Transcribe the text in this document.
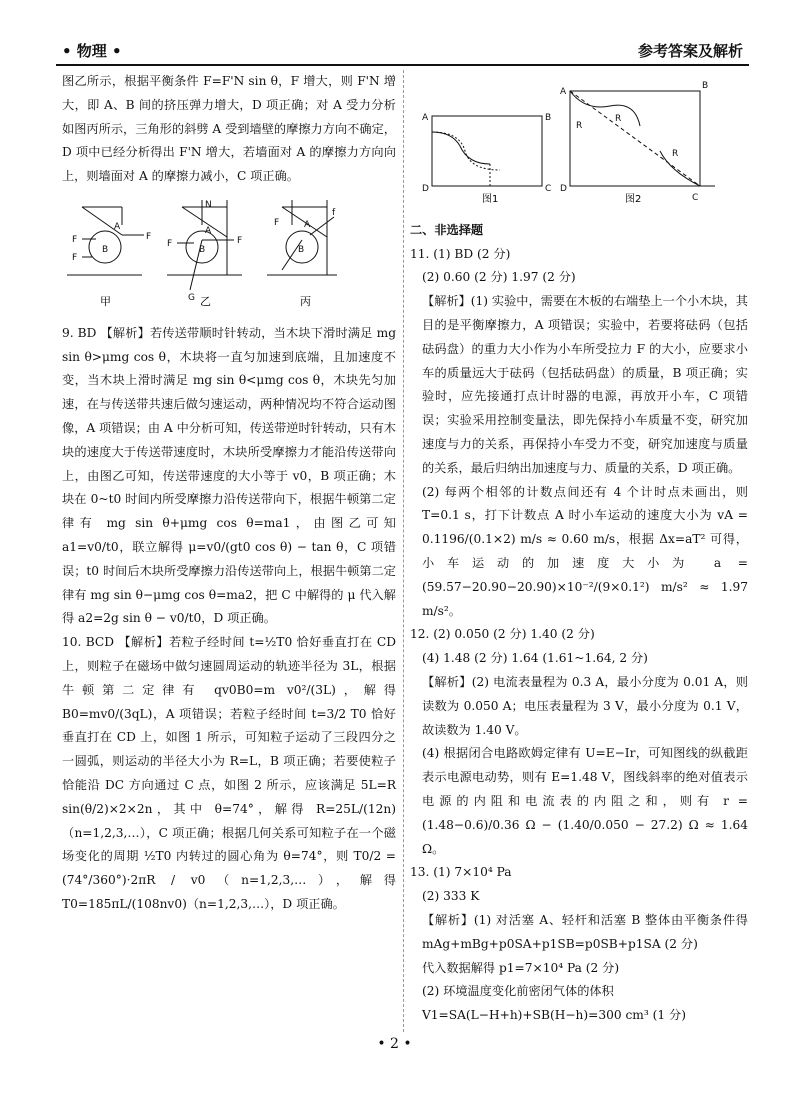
• 物理 •	参考答案及解析

图乙所示，根据平衡条件 F=F'N sin θ，F 增大，则 F'N 增大，即 A、B 间的挤压弹力增大，D 项正确；对 A 受力分析如图丙所示，三角形的斜劈 A 受到墙壁的摩擦力方向不确定，D 项中已经分析得出 F'N 增大，若墙面对 A 的摩擦力方向向上，则墙面对 A 的摩擦力减小，C 项正确。

B
A
F
F
F
B
A
N
F
F
G
B
A
F
f
甲	乙	丙

9. BD 【解析】若传送带顺时针转动，当木块下滑时满足 mg sin θ>μmg cos θ，木块将一直匀加速到底端，且加速度不变，当木块上滑时满足 mg sin θ<μmg cos θ，木块先匀加速，在与传送带共速后做匀速运动，两种情况均不符合运动图像，A 项错误；由 A 中分析可知，传送带逆时针转动，只有木块的速度大于传送带速度时，木块所受摩擦力才能沿传送带向上，由图乙可知，传送带速度的大小等于 v0，B 项正确；木块在 0~t0 时间内所受摩擦力沿传送带向下，根据牛顿第二定律有 mg sin θ+μmg cos θ=ma1，由图乙可知 a1=v0/t0，联立解得 μ=v0/(gt0 cos θ) − tan θ，C 项错误；t0 时间后木块所受摩擦力沿传送带向上，根据牛顿第二定律有 mg sin θ−μmg cos θ=ma2，把 C 中解得的 μ 代入解得 a2=2g sin θ − v0/t0，D 项正确。

10. BCD 【解析】若粒子经时间 t=½T0 恰好垂直打在 CD 上，则粒子在磁场中做匀速圆周运动的轨迹半径为 3L，根据牛顿第二定律有 qv0B0=m v0²/(3L)，解得 B0=mv0/(3qL)，A 项错误；若粒子经时间 t=3/2 T0 恰好垂直打在 CD 上，如图 1 所示，可知粒子运动了三段四分之一圆弧，则运动的半径大小为 R=L，B 项正确；若要使粒子恰能沿 DC 方向通过 C 点，如图 2 所示，应该满足 5L=R sin(θ/2)×2×2n，其中 θ=74°，解得 R=25L/(12n)（n=1,2,3,…），C 项正确；根据几何关系可知粒子在一个磁场变化的周期 ½T0 内转过的圆心角为 θ=74°，则 T0/2 = (74°/360°)·2πR / v0（n=1,2,3,…），解得 T0=185πL/(108nv0)（n=1,2,3,…），D 项正确。

A	B
D	C
图1
A
B
D
C
R
R
R
图2

二、非选择题

11. (1) BD (2 分)

(2) 0.60 (2 分) 1.97 (2 分)

【解析】(1) 实验中，需要在木板的右端垫上一个小木块，其目的是平衡摩擦力，A 项错误；实验中，若要将砝码（包括砝码盘）的重力大小作为小车所受拉力 F 的大小，应要求小车的质量远大于砝码（包括砝码盘）的质量，B 项正确；实验时，应先接通打点计时器的电源，再放开小车，C 项错误；实验采用控制变量法，即先保持小车质量不变，研究加速度与力的关系，再保持小车受力不变，研究加速度与质量的关系，最后归纳出加速度与力、质量的关系，D 项正确。

(2) 每两个相邻的计数点间还有 4 个计时点未画出，则 T=0.1 s，打下计数点 A 时小车运动的速度大小为 vA = 0.1196/(0.1×2) m/s ≈ 0.60 m/s，根据 Δx=aT² 可得，小车运动的加速度大小为 a = (59.57−20.90−20.90)×10⁻²/(9×0.1²) m/s² ≈ 1.97 m/s²。

12. (2) 0.050 (2 分) 1.40 (2 分)

(4) 1.48 (2 分) 1.64 (1.61~1.64, 2 分)

【解析】(2) 电流表量程为 0.3 A，最小分度为 0.01 A，则读数为 0.050 A；电压表量程为 3 V，最小分度为 0.1 V，故读数为 1.40 V。

(4) 根据闭合电路欧姆定律有 U=E−Ir，可知图线的纵截距表示电源电动势，则有 E=1.48 V，图线斜率的绝对值表示电源的内阻和电流表的内阻之和，则有 r = (1.48−0.6)/0.36 Ω − (1.40/0.050 − 27.2) Ω ≈ 1.64 Ω。

13. (1) 7×10⁴ Pa

(2) 333 K

【解析】(1) 对活塞 A、轻杆和活塞 B 整体由平衡条件得 mAg+mBg+p0SA+p1SB=p0SB+p1SA (2 分)

代入数据解得 p1=7×10⁴ Pa (2 分)

(2) 环境温度变化前密闭气体的体积

V1=SA(L−H+h)+SB(H−h)=300 cm³ (1 分)

• 2 •
